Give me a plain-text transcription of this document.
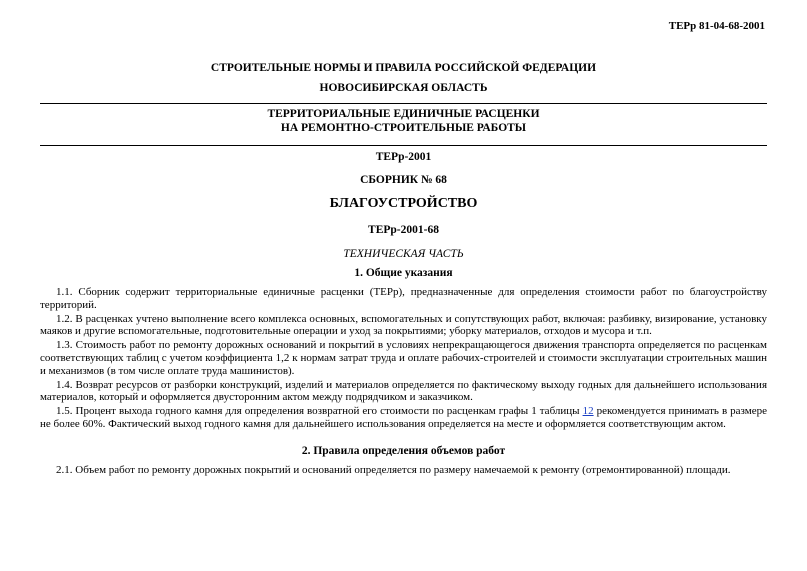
ТЕРр 81-04-68-2001
СТРОИТЕЛЬНЫЕ НОРМЫ И ПРАВИЛА РОССИЙСКОЙ ФЕДЕРАЦИИ
НОВОСИБИРСКАЯ ОБЛАСТЬ
ТЕРРИТОРИАЛЬНЫЕ ЕДИНИЧНЫЕ РАСЦЕНКИ
НА РЕМОНТНО-СТРОИТЕЛЬНЫЕ РАБОТЫ
ТЕРр-2001
СБОРНИК № 68
БЛАГОУСТРОЙСТВО
ТЕРр-2001-68
ТЕХНИЧЕСКАЯ ЧАСТЬ
1. Общие указания

1.1. Сборник содержит территориальные единичные расценки (ТЕРр), предназначенные для определения стоимости работ по благоустройству территорий.

1.2. В расценках учтено выполнение всего комплекса основных, вспомогательных и сопутствующих работ, включая: разбивку, визирование, установку маяков и другие вспомогательные, подготовительные операции и уход за покрытиями; уборку материалов, отходов и мусора и т.п.

1.3. Стоимость работ по ремонту дорожных оснований и покрытий в условиях непрекращающегося движения транспорта определяется по расценкам соответствующих таблиц с учетом коэффициента 1,2 к нормам затрат труда и оплате рабочих-строителей и стоимости эксплуатации строительных машин и механизмов (в том числе оплате труда машинистов).

1.4. Возврат ресурсов от разборки конструкций, изделий и материалов определяется по фактическому выходу годных для дальнейшего использования материалов, который и оформляется двусторонним актом между подрядчиком и заказчиком.

1.5. Процент выхода годного камня для определения возвратной его стоимости по расценкам графы 1 таблицы 12 рекомендуется принимать в размере не более 60%. Фактический выход годного камня для дальнейшего использования определяется на месте и оформляется соответствующим актом.

2. Правила определения объемов работ

2.1. Объем работ по ремонту дорожных покрытий и оснований определяется по размеру намечаемой к ремонту (отремонтированной) площади.
